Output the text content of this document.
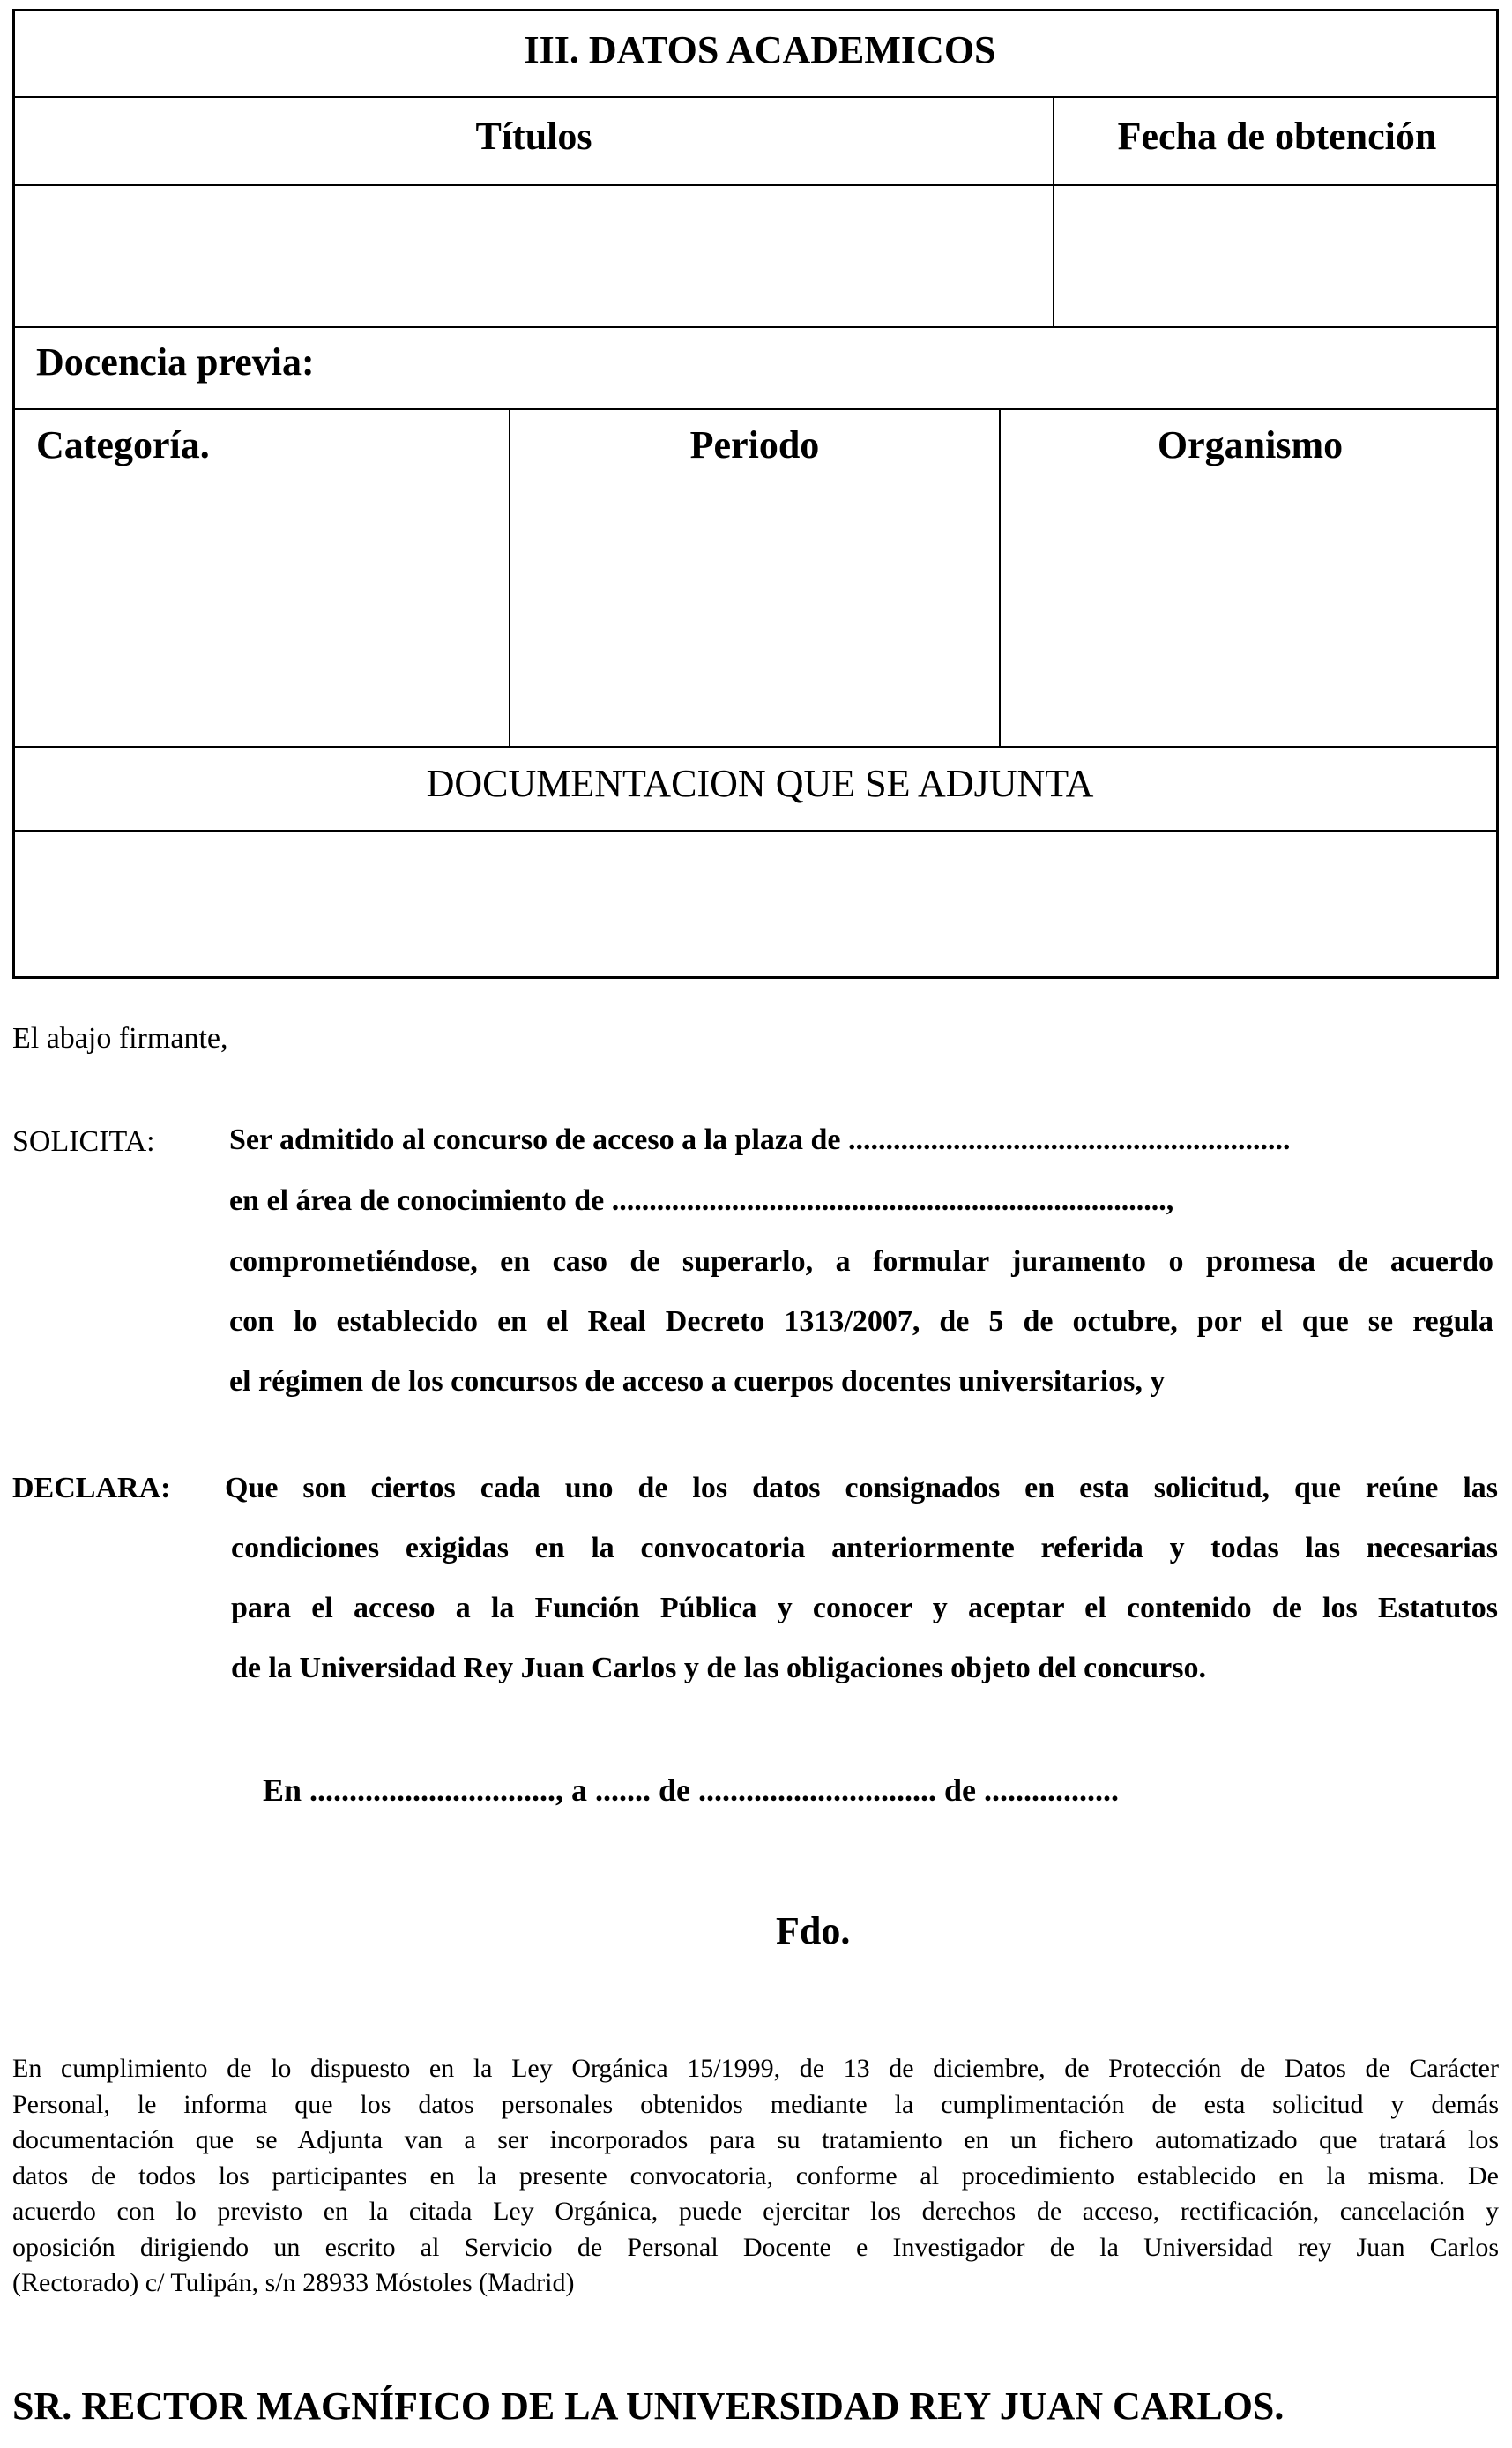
III. DATOS ACADEMICOS
Títulos	Fecha de obtención
Docencia previa:
Categoría.	Periodo	Organismo
DOCUMENTACION QUE SE ADJUNTA
El abajo firmante,
SOLICITA: Ser admitido al concurso de acceso a la plaza de ...........................................................
en el área de conocimiento de ..........................................................................,
comprometiéndose, en caso de superarlo, a formular juramento o promesa de acuerdo
con lo establecido en el Real Decreto 1313/2007, de 5 de octubre, por el que se regula
el régimen de los concursos de acceso a cuerpos docentes universitarios, y
DECLARA: Que son ciertos cada uno de los datos consignados en esta solicitud, que reúne las
condiciones exigidas en la convocatoria anteriormente referida y todas las necesarias
para el acceso a la Función Pública y conocer y aceptar el contenido de los Estatutos
de la Universidad Rey Juan Carlos y de las obligaciones objeto del concurso.
En ..............................., a ....... de .............................. de .................
Fdo.
En cumplimiento de lo dispuesto en la Ley Orgánica 15/1999, de 13 de diciembre, de Protección de Datos de Carácter
Personal, le informa que los datos personales obtenidos mediante la cumplimentación de esta solicitud y demás
documentación que se Adjunta van a ser incorporados para su tratamiento en un fichero automatizado que tratará los
datos de todos los participantes en la presente convocatoria, conforme al procedimiento establecido en la misma. De
acuerdo con lo previsto en la citada Ley Orgánica, puede ejercitar los derechos de acceso, rectificación, cancelación y
oposición dirigiendo un escrito al Servicio de Personal Docente e Investigador de la Universidad rey Juan Carlos
(Rectorado) c/ Tulipán, s/n 28933 Móstoles (Madrid)
SR. RECTOR MAGNÍFICO DE LA UNIVERSIDAD REY JUAN CARLOS.
